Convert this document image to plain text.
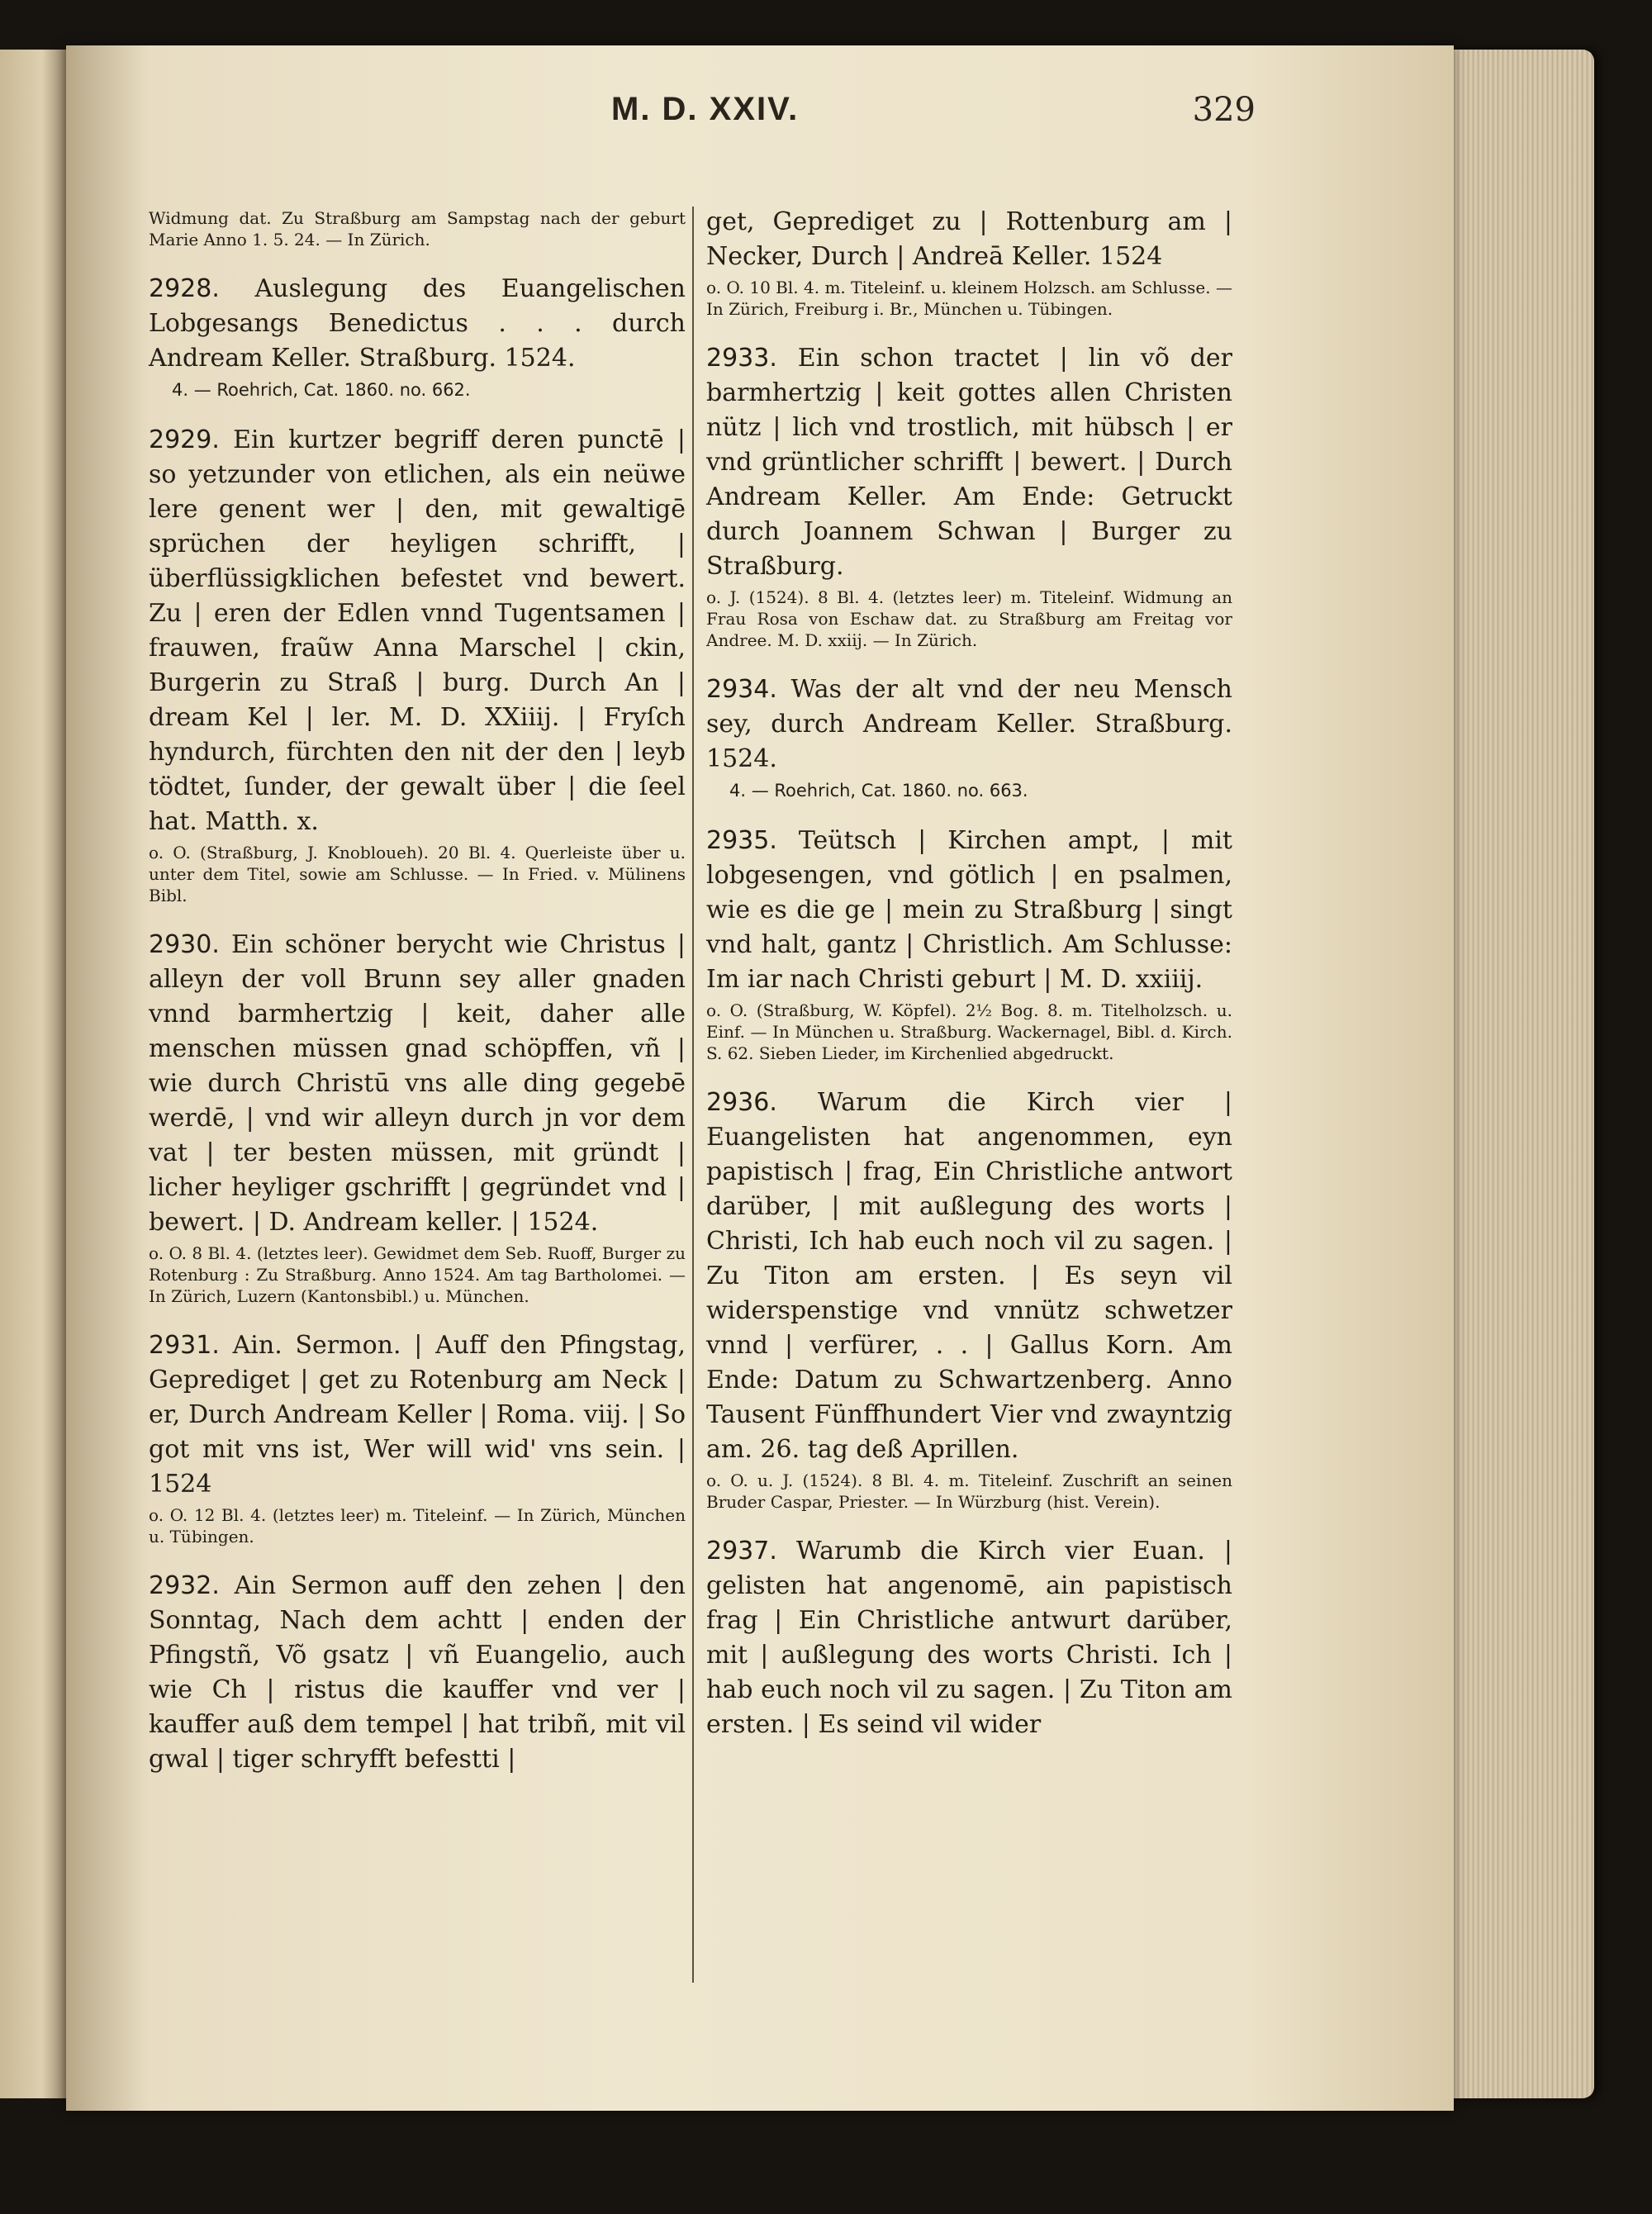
M. D. XXIV.	329

Widmung dat. Zu Straßburg am Sampstag nach der geburt Marie Anno 1. 5. 24. — In Zürich.

2928. Auslegung des Euangelischen Lobgesangs Benedictus . . . durch Andream Keller. Straßburg. 1524.

4. — Roehrich, Cat. 1860. no. 662.

2929. Ein kurtzer begriff deren punctē | so yetzunder von etlichen, als ein neüwe lere genent wer | den, mit gewaltigē sprüchen der heyligen schrifft, | überflüssigklichen befestet vnd bewert. Zu | eren der Edlen vnnd Tugentsamen | frauwen, fraũw Anna Marschel | ckin, Burgerin zu Straß | burg. Durch An | dream Kel | ler. M. D. XXiiij. | Fryſch hyndurch, fürchten den nit der den | leyb tödtet, ſunder, der gewalt über | die ſeel hat. Matth. x.

o. O. (Straßburg, J. Knobloueh). 20 Bl. 4. Querleiste über u. unter dem Titel, sowie am Schlusse. — In Fried. v. Mülinens Bibl.

2930. Ein schöner berycht wie Christus | alleyn der voll Brunn sey aller gnaden vnnd barmhertzig | keit, daher alle menschen müssen gnad schöpffen, vñ | wie durch Christū vns alle ding gegebē werdē, | vnd wir alleyn durch jn vor dem vat | ter besten müssen, mit gründt | licher heyliger gschrifft | gegründet vnd | bewert. | D. Andream keller. | 1524.

o. O. 8 Bl. 4. (letztes leer). Gewidmet dem Seb. Ruoff, Burger zu Rotenburg : Zu Straßburg. Anno 1524. Am tag Bartholomei. — In Zürich, Luzern (Kantonsbibl.) u. München.

2931. Ain. Sermon. | Auff den Pfingstag, Geprediget | get zu Rotenburg am Neck | er, Durch Andream Keller | Roma. viij. | So got mit vns ist, Wer will wid' vns sein. | 1524

o. O. 12 Bl. 4. (letztes leer) m. Titeleinf. — In Zürich, München u. Tübingen.

2932. Ain Sermon auff den zehen | den Sonntag, Nach dem achtt | enden der Pfingstñ, Võ gsatz | vñ Euangelio, auch wie Ch | ristus die kauffer vnd ver | kauffer auß dem tempel | hat tribñ, mit vil gwal | tiger schryfft befestti |

get, Geprediget zu | Rottenburg am | Necker, Durch | Andreā Keller. 1524

o. O. 10 Bl. 4. m. Titeleinf. u. kleinem Holzsch. am Schlusse. — In Zürich, Freiburg i. Br., München u. Tübingen.

2933. Ein schon tractet | lin võ der barmhertzig | keit gottes allen Christen nütz | lich vnd trostlich, mit hübsch | er vnd grüntlicher schrifft | bewert. | Durch Andream Keller. Am Ende: Getruckt durch Joannem Schwan | Burger zu Straßburg.

o. J. (1524). 8 Bl. 4. (letztes leer) m. Titeleinf. Widmung an Frau Rosa von Eschaw dat. zu Straßburg am Freitag vor Andree. M. D. xxiij. — In Zürich.

2934. Was der alt vnd der neu Mensch sey, durch Andream Keller. Straßburg. 1524.

4. — Roehrich, Cat. 1860. no. 663.

2935. Teütsch | Kirchen ampt, | mit lobgesengen, vnd götlich | en psalmen, wie es die ge | mein zu Straßburg | singt vnd halt, gantz | Christlich. Am Schlusse: Im iar nach Christi geburt | M. D. xxiiij.

o. O. (Straßburg, W. Köpfel). 2½ Bog. 8. m. Titelholzsch. u. Einf. — In München u. Straßburg. Wackernagel, Bibl. d. Kirch. S. 62. Sieben Lieder, im Kirchenlied abgedruckt.

2936. Warum die Kirch vier | Euangelisten hat angenommen, eyn papistisch | frag, Ein Christliche antwort darüber, | mit außlegung des worts | Christi, Ich hab euch noch vil zu sagen. | Zu Titon am ersten. | Es seyn vil widerspenstige vnd vnnütz schwetzer vnnd | verfürer, . . | Gallus Korn. Am Ende: Datum zu Schwartzenberg. Anno Tausent Fünffhundert Vier vnd zwayntzig am. 26. tag deß Aprillen.

o. O. u. J. (1524). 8 Bl. 4. m. Titeleinf. Zuschrift an seinen Bruder Caspar, Priester. — In Würzburg (hist. Verein).

2937. Warumb die Kirch vier Euan. | gelisten hat angenomē, ain papistisch frag | Ein Christliche antwurt darüber, mit | außlegung des worts Christi. Ich | hab euch noch vil zu sagen. | Zu Titon am ersten. | Es seind vil wider
